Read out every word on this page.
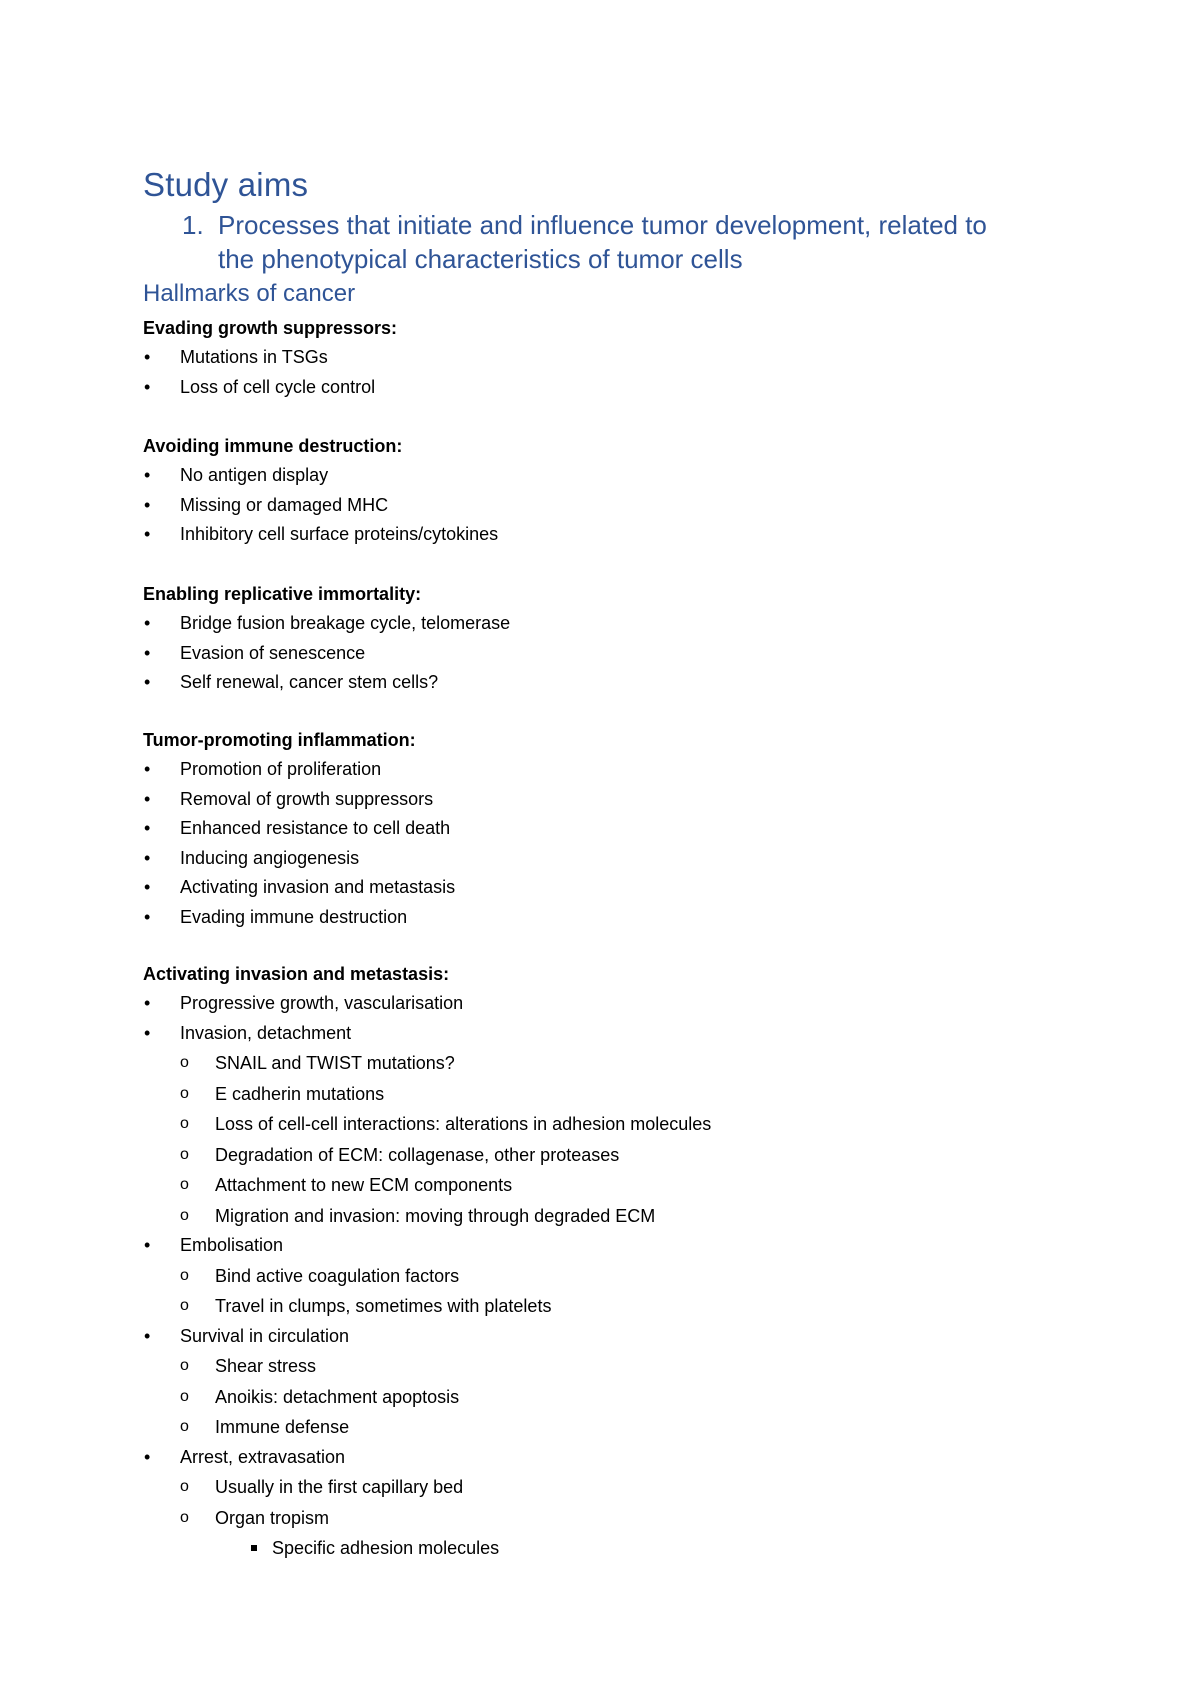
Study aims
1. Processes that initiate and influence tumor development, related to the phenotypical characteristics of tumor cells
Hallmarks of cancer
Evading growth suppressors:
• Mutations in TSGs
• Loss of cell cycle control
Avoiding immune destruction:
• No antigen display
• Missing or damaged MHC
• Inhibitory cell surface proteins/cytokines
Enabling replicative immortality:
• Bridge fusion breakage cycle, telomerase
• Evasion of senescence
• Self renewal, cancer stem cells?
Tumor-promoting inflammation:
• Promotion of proliferation
• Removal of growth suppressors
• Enhanced resistance to cell death
• Inducing angiogenesis
• Activating invasion and metastasis
• Evading immune destruction
Activating invasion and metastasis:
• Progressive growth, vascularisation
• Invasion, detachment
o SNAIL and TWIST mutations?
o E cadherin mutations
o Loss of cell-cell interactions: alterations in adhesion molecules
o Degradation of ECM: collagenase, other proteases
o Attachment to new ECM components
o Migration and invasion: moving through degraded ECM
• Embolisation
o Bind active coagulation factors
o Travel in clumps, sometimes with platelets
• Survival in circulation
o Shear stress
o Anoikis: detachment apoptosis
o Immune defense
• Arrest, extravasation
o Usually in the first capillary bed
o Organ tropism
Specific adhesion molecules
